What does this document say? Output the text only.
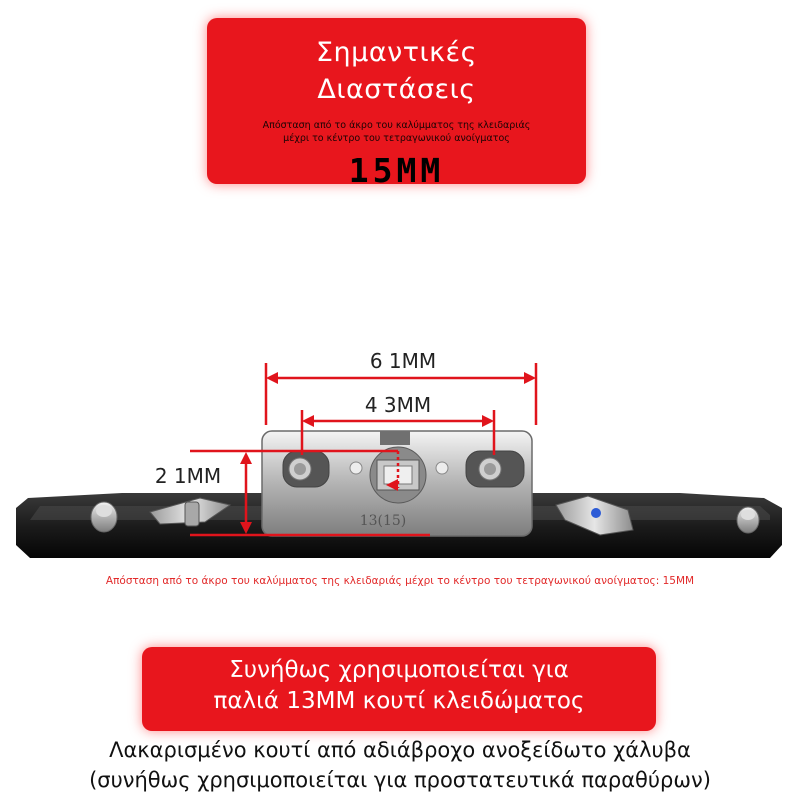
Σημαντικές
Διαστάσεις
Απόσταση από το άκρο του καλύμματος της κλειδαριάς
μέχρι το κέντρο του τετραγωνικού ανοίγματος
15MM
13(15)
6 1MM
4 3MM
2 1MM
Απόσταση από το άκρο του καλύμματος της κλειδαριάς μέχρι το κέντρο του τετραγωνικού ανοίγματος: 15MM
Συνήθως χρησιμοποιείται για
παλιά 13MM κουτί κλειδώματος
Λακαρισμένο κουτί από αδιάβροχο ανοξείδωτο χάλυβα
(συνήθως χρησιμοποιείται για προστατευτικά παραθύρων)
